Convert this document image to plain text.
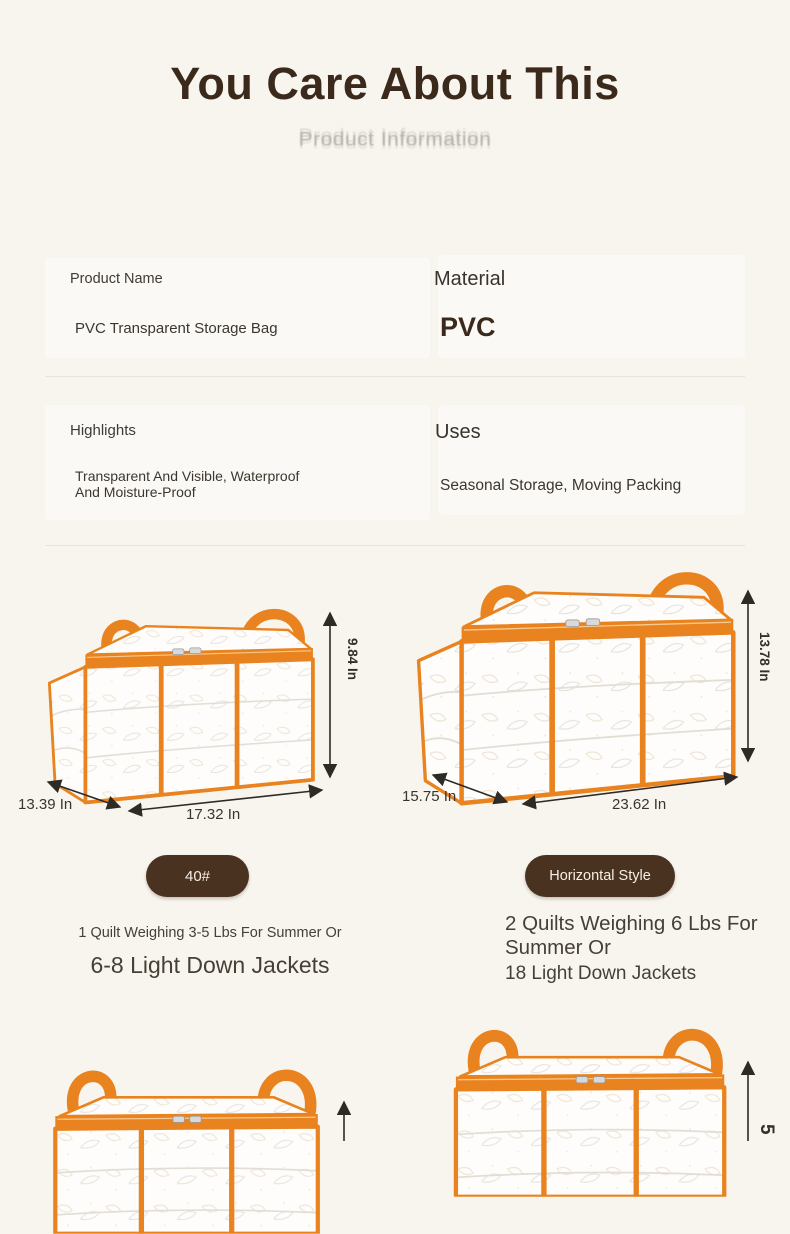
You Care About This
Product Information
Product Name
PVC Transparent Storage Bag
Material
PVC
Highlights
Transparent And Visible, Waterproof And Moisture-Proof
Uses
Seasonal Storage, Moving Packing
13.39 In
17.32 In
9.84 In
15.75 In	23.62 In
13.78 In
40#	Horizontal Style
1 Quilt Weighing 3-5 Lbs For Summer Or
6-8 Light Down Jackets
2 Quilts Weighing 6 Lbs For Summer Or
18 Light Down Jackets
5
